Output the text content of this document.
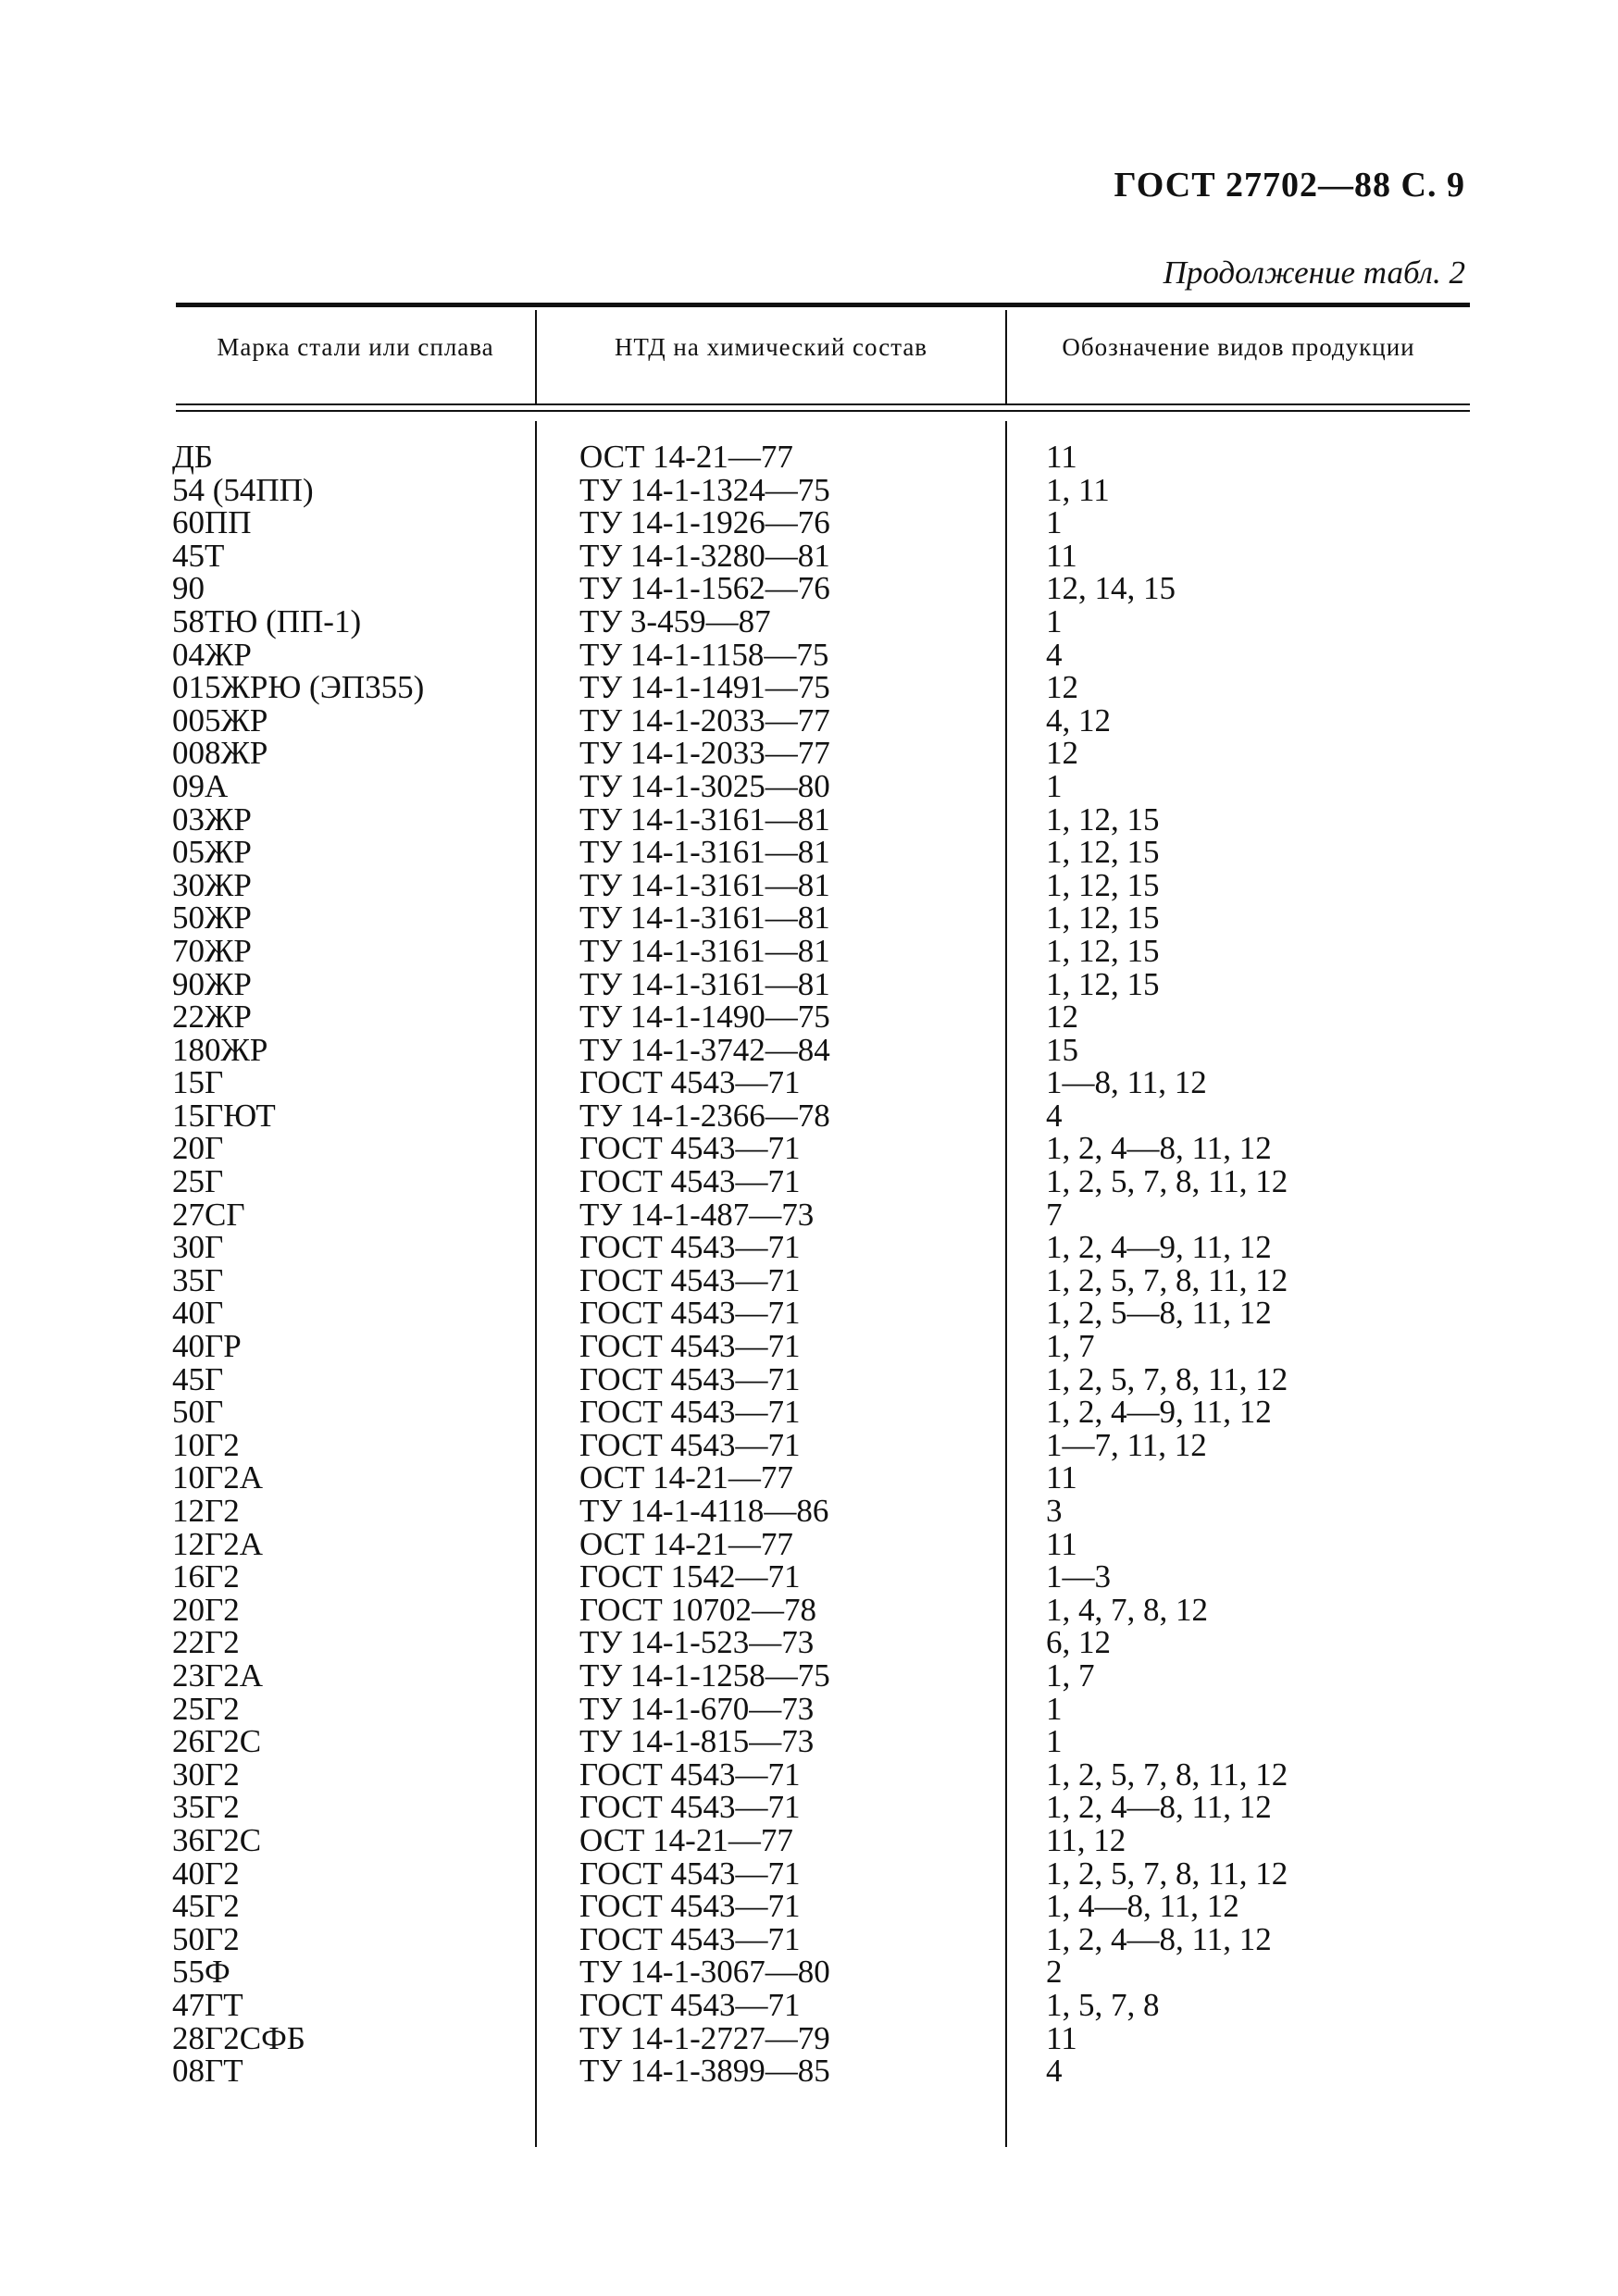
ГОСТ 27702—88 С. 9
Продолжение табл. 2
Марка стали или сплава	НТД на химический состав	Обозначение видов продукции
ДБ	ОСТ 14-21—77	11
54 (54ПП)	ТУ 14-1-1324—75	1, 11
60ПП	ТУ 14-1-1926—76	1
45Т	ТУ 14-1-3280—81	11
90	ТУ 14-1-1562—76	12, 14, 15
58ТЮ (ПП-1)	ТУ 3-459—87	1
04ЖР	ТУ 14-1-1158—75	4
015ЖРЮ (ЭП355)	ТУ 14-1-1491—75	12
005ЖР	ТУ 14-1-2033—77	4, 12
008ЖР	ТУ 14-1-2033—77	12
09А	ТУ 14-1-3025—80	1
03ЖР	ТУ 14-1-3161—81	1, 12, 15
05ЖР	ТУ 14-1-3161—81	1, 12, 15
30ЖР	ТУ 14-1-3161—81	1, 12, 15
50ЖР	ТУ 14-1-3161—81	1, 12, 15
70ЖР	ТУ 14-1-3161—81	1, 12, 15
90ЖР	ТУ 14-1-3161—81	1, 12, 15
22ЖР	ТУ 14-1-1490—75	12
180ЖР	ТУ 14-1-3742—84	15
15Г	ГОСТ 4543—71	1—8, 11, 12
15ГЮТ	ТУ 14-1-2366—78	4
20Г	ГОСТ 4543—71	1, 2, 4—8, 11, 12
25Г	ГОСТ 4543—71	1, 2, 5, 7, 8, 11, 12
27СГ	ТУ 14-1-487—73	7
30Г	ГОСТ 4543—71	1, 2, 4—9, 11, 12
35Г	ГОСТ 4543—71	1, 2, 5, 7, 8, 11, 12
40Г	ГОСТ 4543—71	1, 2, 5—8, 11, 12
40ГР	ГОСТ 4543—71	1, 7
45Г	ГОСТ 4543—71	1, 2, 5, 7, 8, 11, 12
50Г	ГОСТ 4543—71	1, 2, 4—9, 11, 12
10Г2	ГОСТ 4543—71	1—7, 11, 12
10Г2А	ОСТ 14-21—77	11
12Г2	ТУ 14-1-4118—86	3
12Г2А	ОСТ 14-21—77	11
16Г2	ГОСТ 1542—71	1—3
20Г2	ГОСТ 10702—78	1, 4, 7, 8, 12
22Г2	ТУ 14-1-523—73	6, 12
23Г2А	ТУ 14-1-1258—75	1, 7
25Г2	ТУ 14-1-670—73	1
26Г2С	ТУ 14-1-815—73	1
30Г2	ГОСТ 4543—71	1, 2, 5, 7, 8, 11, 12
35Г2	ГОСТ 4543—71	1, 2, 4—8, 11, 12
36Г2С	ОСТ 14-21—77	11, 12
40Г2	ГОСТ 4543—71	1, 2, 5, 7, 8, 11, 12
45Г2	ГОСТ 4543—71	1, 4—8, 11, 12
50Г2	ГОСТ 4543—71	1, 2, 4—8, 11, 12
55Ф	ТУ 14-1-3067—80	2
47ГТ	ГОСТ 4543—71	1, 5, 7, 8
28Г2СФБ	ТУ 14-1-2727—79	11
08ГТ	ТУ 14-1-3899—85	4
